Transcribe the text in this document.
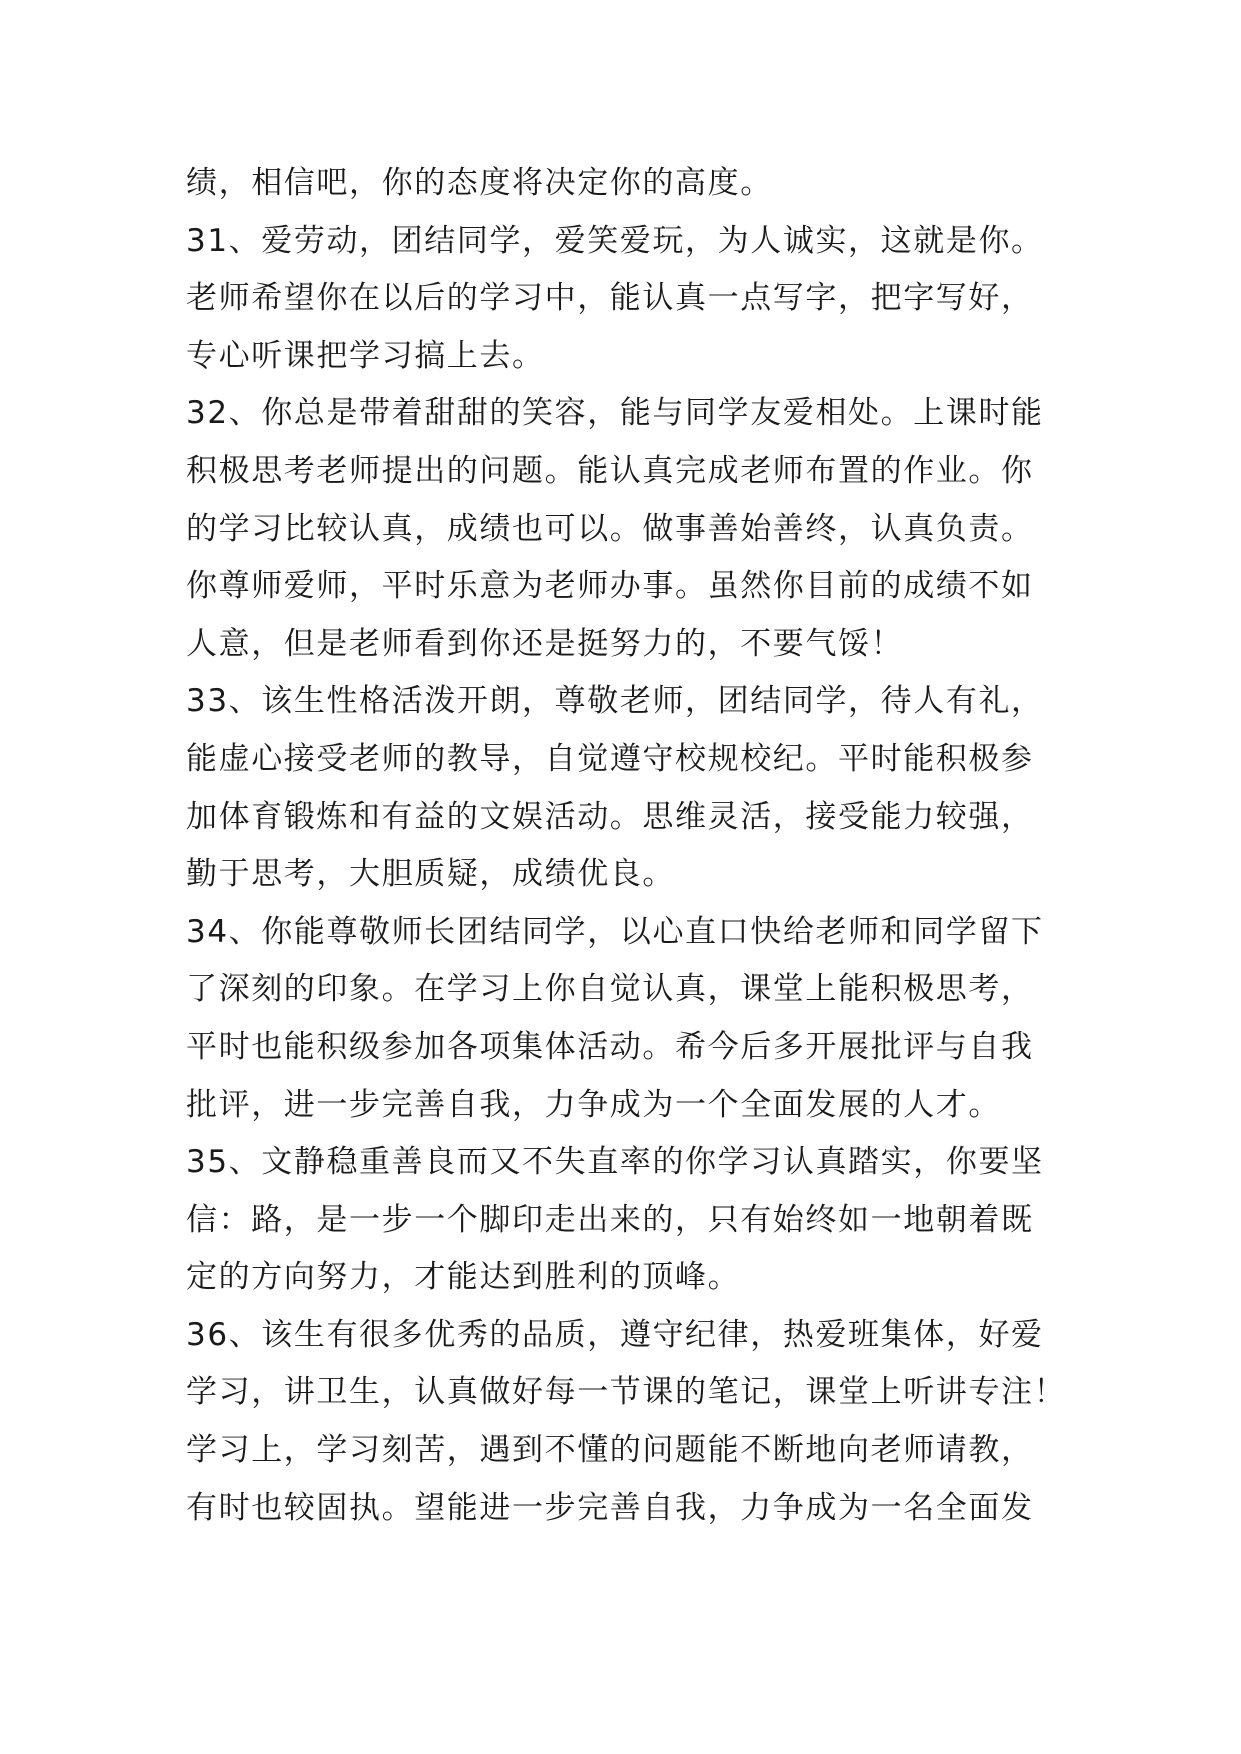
绩，相信吧，你的态度将决定你的高度。
31、爱劳动，团结同学，爱笑爱玩，为人诚实，这就是你。
老师希望你在以后的学习中，能认真一点写字，把字写好，
专心听课把学习搞上去。
32、你总是带着甜甜的笑容，能与同学友爱相处。上课时能
积极思考老师提出的问题。能认真完成老师布置的作业。你
的学习比较认真，成绩也可以。做事善始善终，认真负责。
你尊师爱师，平时乐意为老师办事。虽然你目前的成绩不如
人意，但是老师看到你还是挺努力的，不要气馁！
33、该生性格活泼开朗，尊敬老师，团结同学，待人有礼，
能虚心接受老师的教导，自觉遵守校规校纪。平时能积极参
加体育锻炼和有益的文娱活动。思维灵活，接受能力较强，
勤于思考，大胆质疑，成绩优良。
34、你能尊敬师长团结同学，以心直口快给老师和同学留下
了深刻的印象。在学习上你自觉认真，课堂上能积极思考，
平时也能积级参加各项集体活动。希今后多开展批评与自我
批评，进一步完善自我，力争成为一个全面发展的人才。
35、文静稳重善良而又不失直率的你学习认真踏实，你要坚
信：路，是一步一个脚印走出来的，只有始终如一地朝着既
定的方向努力，才能达到胜利的顶峰。
36、该生有很多优秀的品质，遵守纪律，热爱班集体，好爱
学习，讲卫生，认真做好每一节课的笔记，课堂上听讲专注！
学习上，学习刻苦，遇到不懂的问题能不断地向老师请教，
有时也较固执。望能进一步完善自我，力争成为一名全面发
